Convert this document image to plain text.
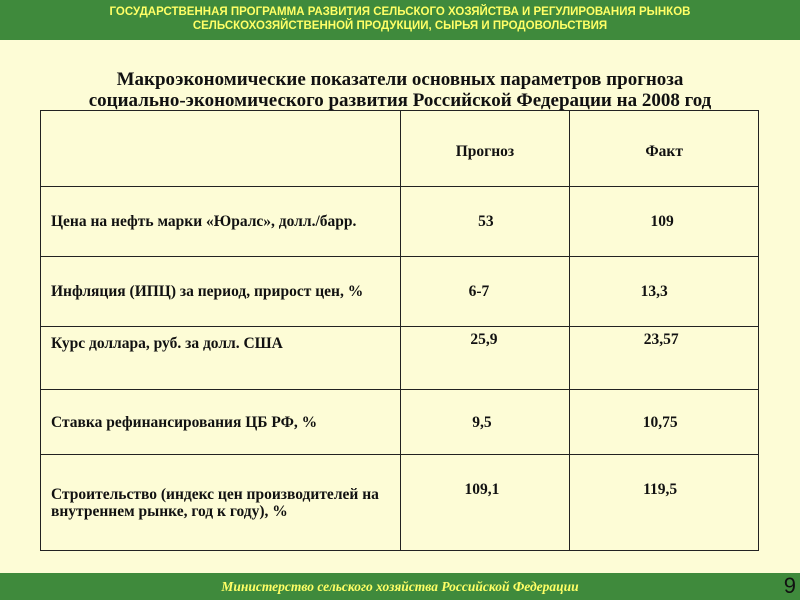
ГОСУДАРСТВЕННАЯ ПРОГРАММА РАЗВИТИЯ СЕЛЬСКОГО ХОЗЯЙСТВА И РЕГУЛИРОВАНИЯ РЫНКОВ
СЕЛЬСКОХОЗЯЙСТВЕННОЙ ПРОДУКЦИИ, СЫРЬЯ И ПРОДОВОЛЬСТВИЯ
Макроэкономические показатели основных параметров прогноза
социально-экономического развития Российской Федерации на 2008 год
	Прогноз	Факт
Цена на нефть марки «Юралс», долл./барр.	53	109
Инфляция (ИПЦ) за период, прирост цен, %	6-7	13,3
Курс доллара, руб. за долл. США	25,9	23,57
Ставка рефинансирования ЦБ РФ, %	9,5	10,75
Строительство (индекс цен производителей на внутреннем рынке, год к году), %	109,1	119,5
Министерство сельского хозяйства Российской Федерации	9
